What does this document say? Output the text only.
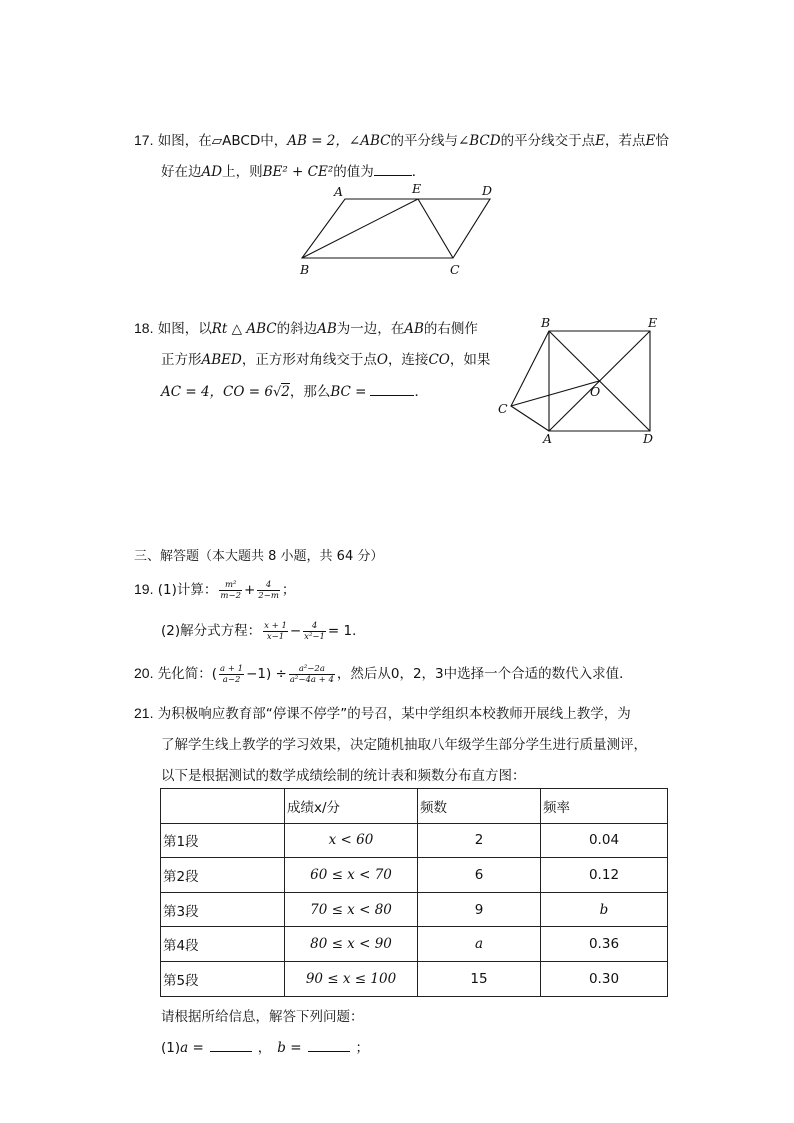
17. 如图，在▱ABCD中，AB = 2，∠ABC的平分线与∠BCD的平分线交于点E，若点E恰
好在边AD上，则BE² + CE²的值为	．
A	E	D
B	C
18. 如图，以Rt △ ABC的斜边AB为一边，在AB的右侧作
正方形ABED，正方形对角线交于点O，连接CO，如果
AC = 4，CO = 6√2，那么BC =	．
B	E
O
C
A	D
三、解答题（本大题共 8 小题，共 64 分）
19. (1)计算： $\frac{\text{m²}}{m-2} + \frac{4}{2-m}$ ；
(2)解分式方程： $\frac{x + 1}{x-1} - \frac{4}{\text{x²−1}} = 1$．
20. 先化简：( $\frac{a + 1}{a-2} -1) \div \frac{\text{a²−2a}}{\text{a²−4a + 4}}$ ，然后从0，2，3中选择一个合适的数代入求值．
21. 为积极响应教育部“停课不停学”的号召，某中学组织本校教师开展线上教学，为
了解学生线上教学的学习效果，决定随机抽取八年级学生部分学生进行质量测评，
以下是根据测试的数学成绩绘制的统计表和频数分布直方图：
	成绩x/分	频数	频率
第1段	x < 60	2	0.04
第2段	60 ≤ x < 70	6	0.12
第3段	70 ≤ x < 80	9	b
第4段	80 ≤ x < 90	a	0.36
第5段	90 ≤ x ≤ 100	15	0.30
请根据所给信息，解答下列问题：
(1)a =	， b =	；
